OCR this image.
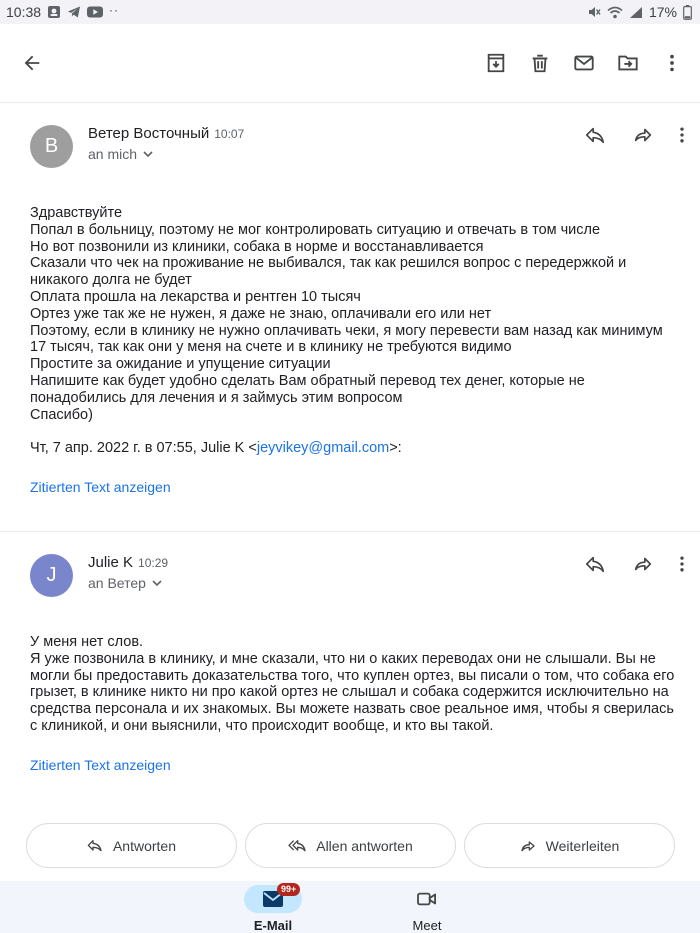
10:38	··	17%
В
Ветер Восточный 10:07
an mich

Здравствуйте

Попал в больницу, поэтому не мог контролировать ситуацию и отвечать в том числе

Но вот позвонили из клиники, собака в норме и восстанавливается

Сказали что чек на проживание не выбивался, так как решился вопрос с передержкой и никакого долга не будет

Оплата прошла на лекарства и рентген 10 тысяч

Ортез уже так же не нужен, я даже не знаю, оплачивали его или нет

Поэтому, если в клинику не нужно оплачивать чеки, я могу перевести вам назад как минимум 17 тысяч, так как они у меня на счете и в клинику не требуются видимо

Простите за ожидание и упущение ситуации

Напишите как будет удобно сделать Вам обратный перевод тех денег, которые не понадобились для лечения и я займусь этим вопросом

Спасибо)

Чт, 7 апр. 2022 г. в 07:55, Julie K <jeyvikey@gmail.com>:

Zitierten Text anzeigen
J
Julie K 10:29
an Ветер

У меня нет слов.

Я уже позвонила в клинику, и мне сказали, что ни о каких переводах они не слышали. Вы не могли бы предоставить доказательства того, что куплен ортез, вы писали о том, что собака его грызет, в клинике никто ни про какой ортез не слышал и собака содержится исключительно на средства персонала и их знакомых. Вы можете назвать свое реальное имя, чтобы я сверилась с клиникой, и они выяснили, что происходит вообще, и кто вы такой.

Zitierten Text anzeigen
Antworten	Allen antworten	Weiterleiten
99+
E-Mail	Meet
